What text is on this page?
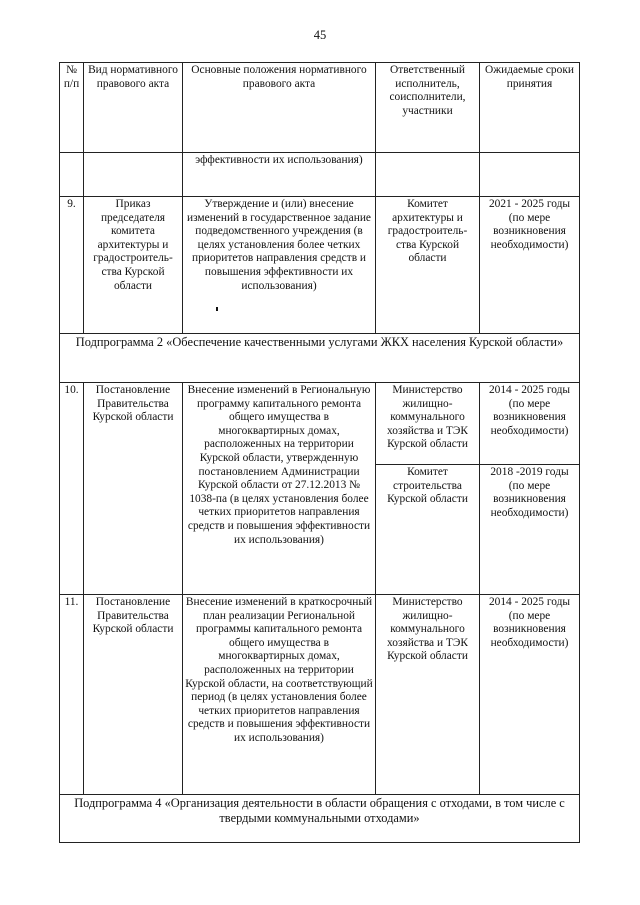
45
№ п/п	Вид нормативного правового акта	Основные положения нормативного правового акта	Ответственный исполнитель, соисполнители, участники	Ожидаемые сроки принятия
		эффективности их использования)		
9.	Приказ председателя комитета архитектуры и градостроитель-ства Курской области	Утверждение и (или) внесение изменений в государственное задание подведомственного учреждения (в целях установления более четких приоритетов направления средств и повышения эффективности их использования)	Комитет архитектуры и градостроитель-ства Курской области	2021 - 2025 годы (по мере возникновения необходимости)
Подпрограмма 2 «Обеспечение качественными услугами ЖКХ населения Курской области»				
10.	Постановление Правительства Курской области	Внесение изменений в Региональную программу капитального ремонта общего имущества в многоквартирных домах, расположенных на территории Курской области, утвержденную постановлением Администрации Курской области от 27.12.2013 № 1038-па (в целях установления более четких приоритетов направления средств и повышения эффективности их использования)	Министерство жилищно-коммунального хозяйства и ТЭК Курской области	2014 - 2025 годы (по мере возникновения необходимости)
			Комитет строительства Курской области	2018 -2019 годы (по мере возникновения необходимости)
11.	Постановление Правительства Курской области	Внесение изменений в краткосрочный план реализации Региональной программы капитального ремонта общего имущества в многоквартирных домах, расположенных на территории Курской области, на соответствующий период (в целях установления более четких приоритетов направления средств и повышения эффективности их использования)	Министерство жилищно-коммунального хозяйства и ТЭК Курской области	2014 - 2025 годы (по мере возникновения необходимости)
Подпрограмма 4 «Организация деятельности в области обращения с отходами, в том числе с твердыми коммунальными отходами»				
